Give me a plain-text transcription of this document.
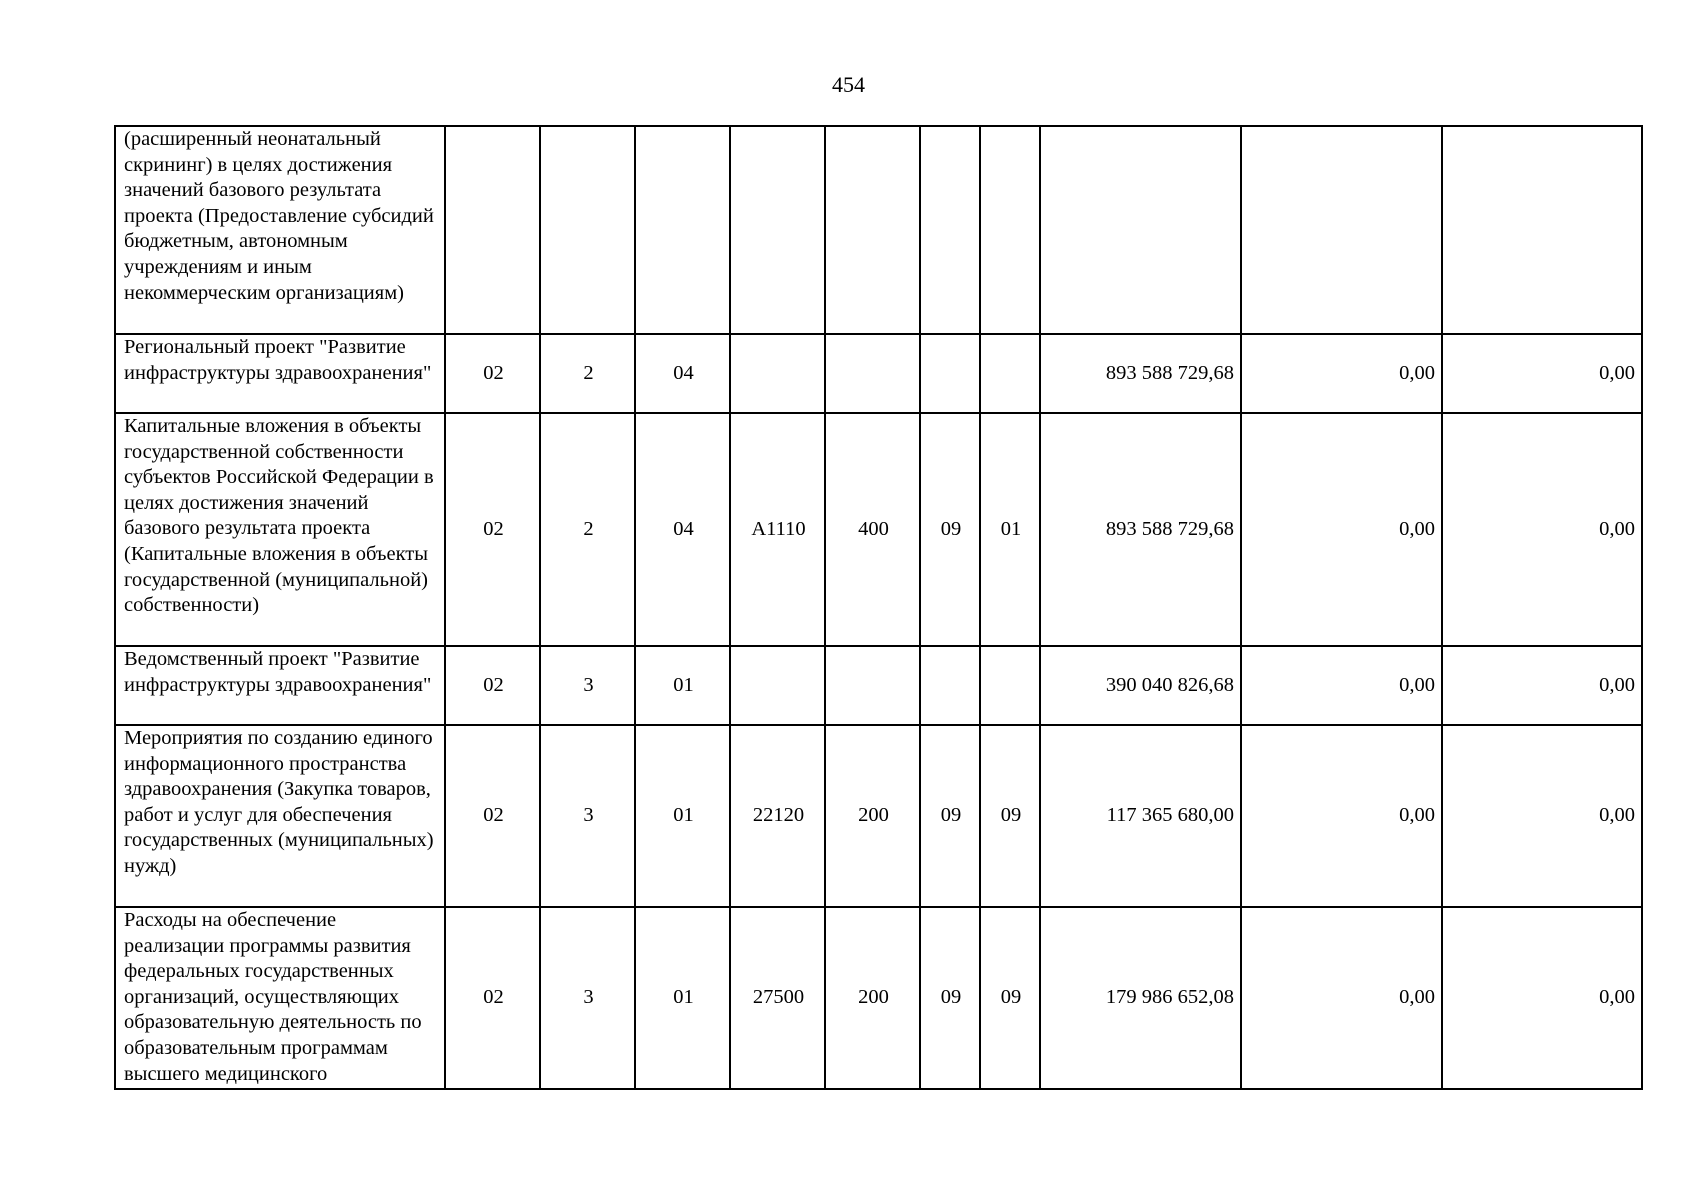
454
(расширенный неонатальный скрининг) в целях достижения значений базового результата проекта (Предоставление субсидий бюджетным, автономным учреждениям и иным некоммерческим организациям)										
Региональный проект "Развитие инфраструктуры здравоохранения"	02	2	04					893 588 729,68	0,00	0,00
Капитальные вложения в объекты государственной собственности субъектов Российской Федерации в целях достижения значений базового результата проекта (Капитальные вложения в объекты государственной (муниципальной) собственности)	02	2	04	А1110	400	09	01	893 588 729,68	0,00	0,00
Ведомственный проект "Развитие инфраструктуры здравоохранения"	02	3	01					390 040 826,68	0,00	0,00
Мероприятия по созданию единого информационного пространства здравоохранения (Закупка товаров, работ и услуг для обеспечения государственных (муниципальных) нужд)	02	3	01	22120	200	09	09	117 365 680,00	0,00	0,00
Расходы на обеспечение реализации программы развития федеральных государственных организаций, осуществляющих образовательную деятельность по образовательным программам высшего медицинского	02	3	01	27500	200	09	09	179 986 652,08	0,00	0,00
